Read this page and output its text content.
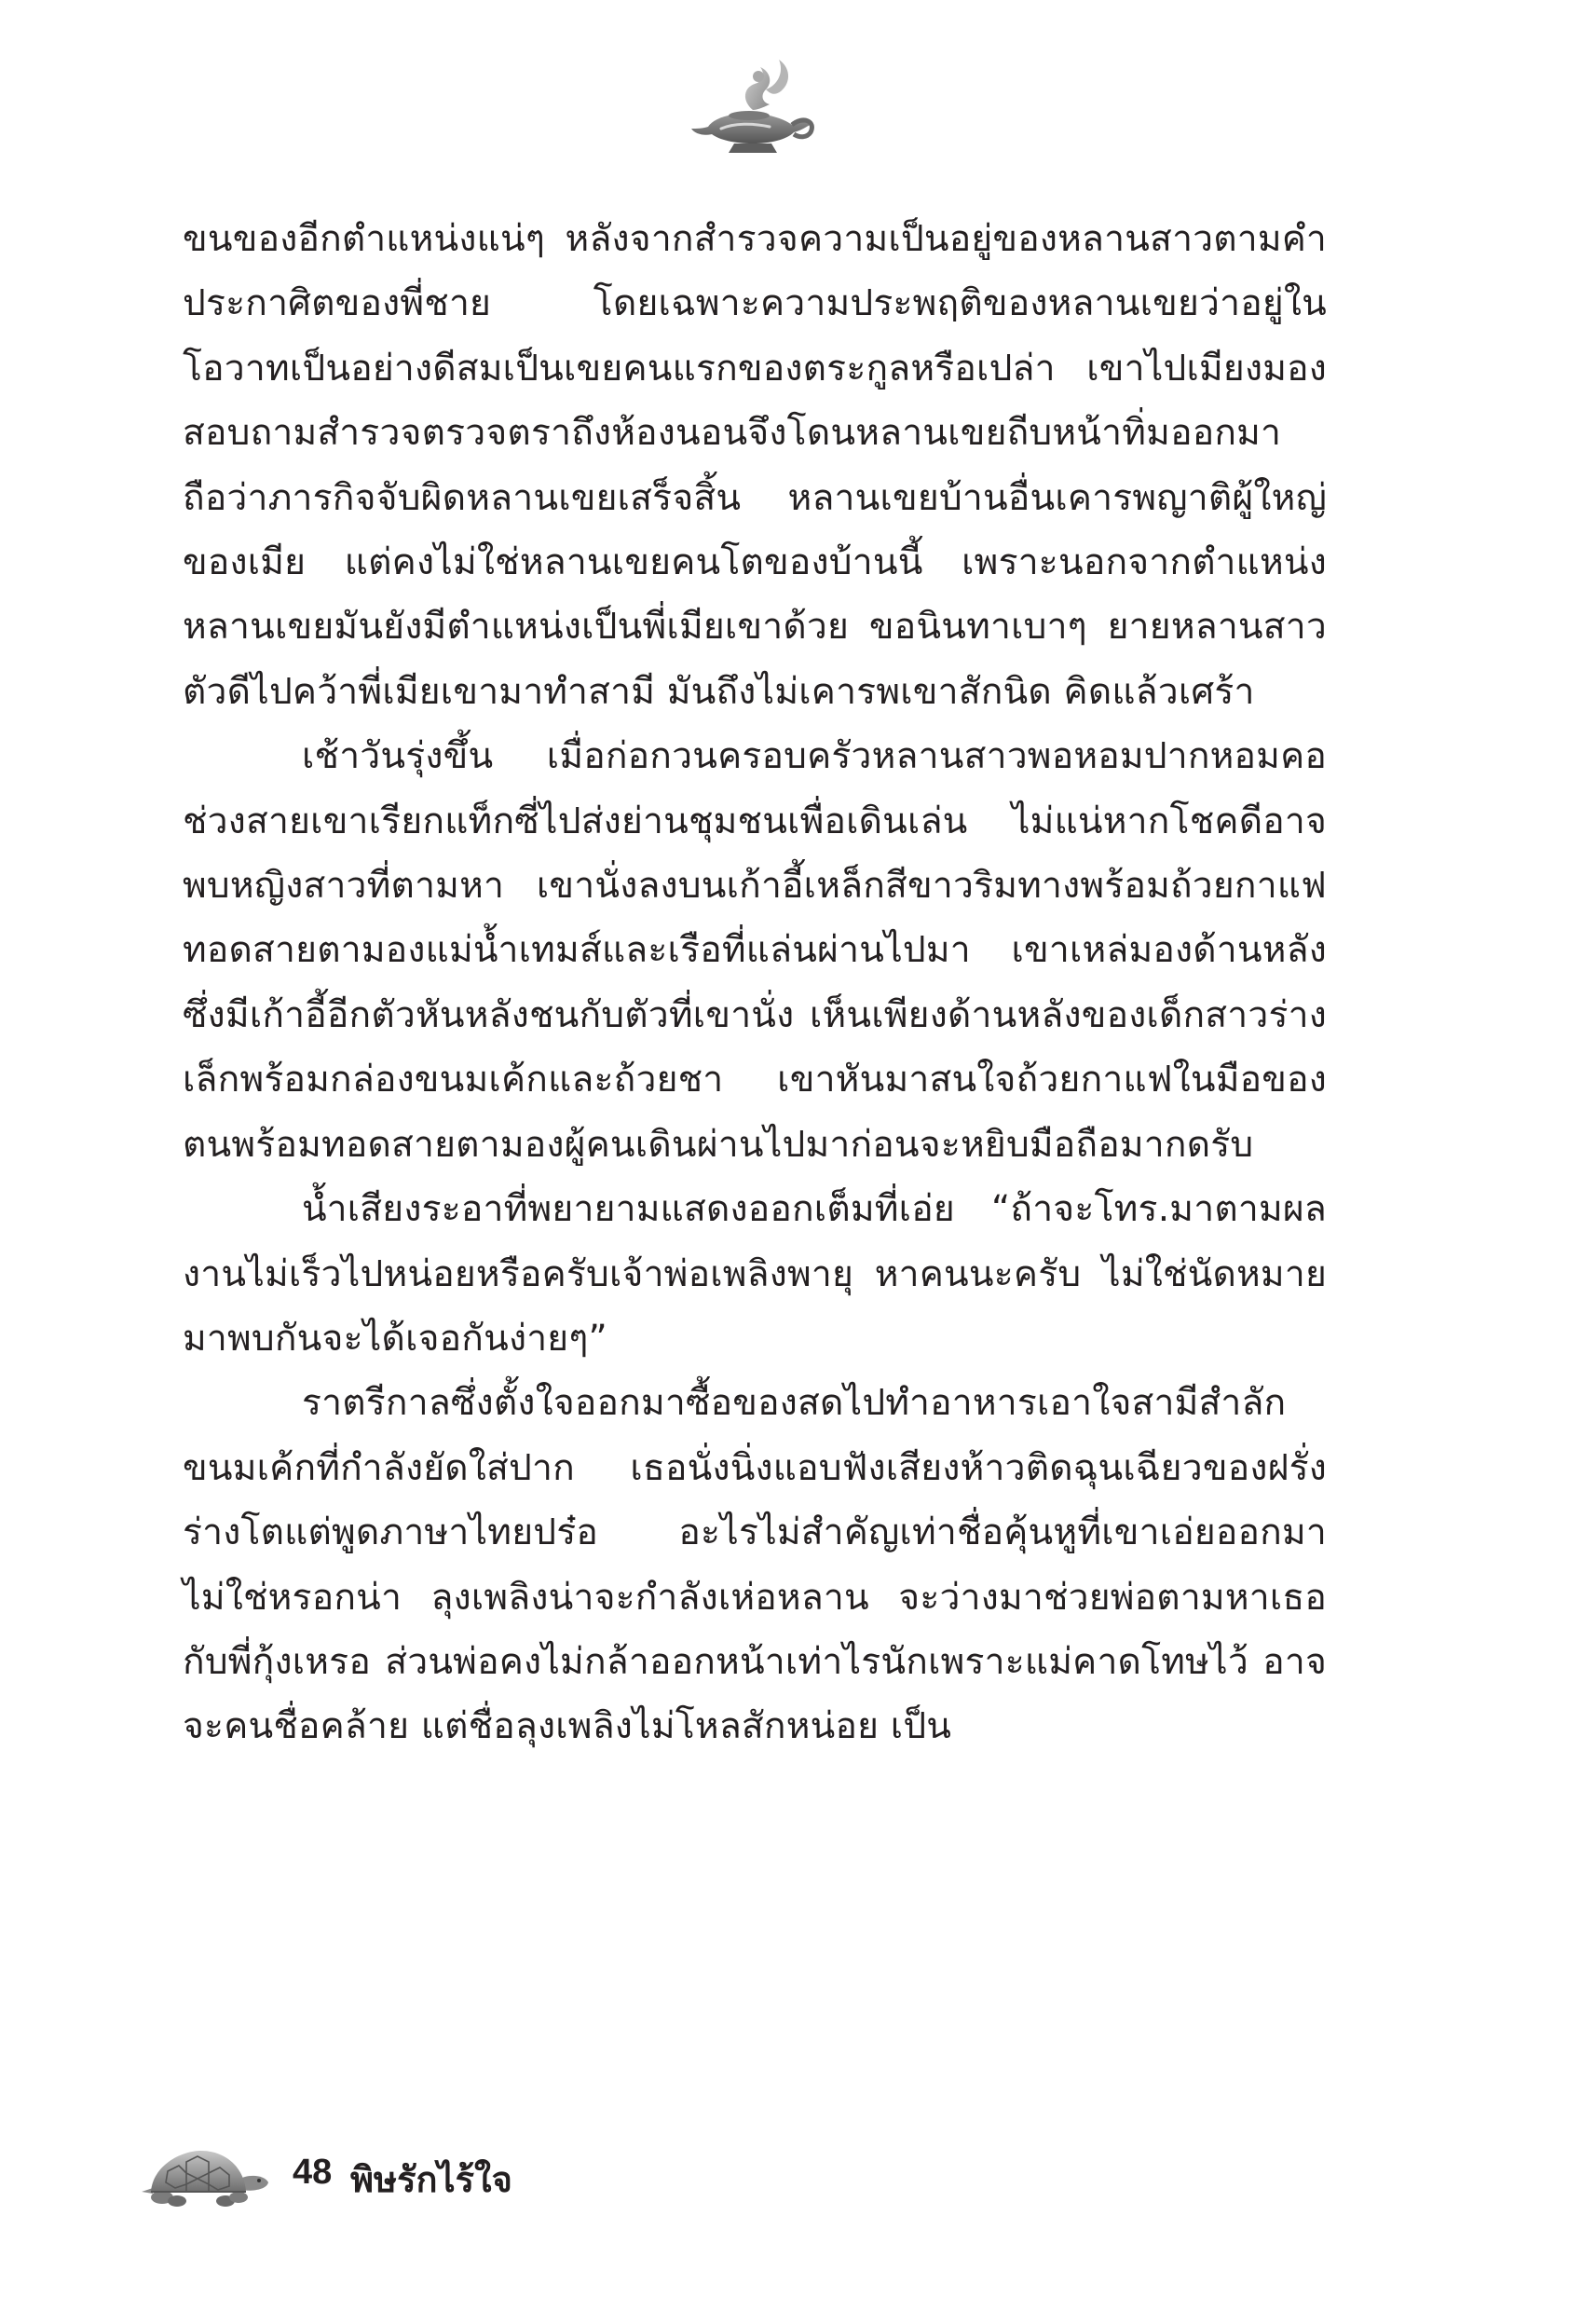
ขนของอีกตำแหน่งแน่ๆ หลังจากสำรวจความเป็นอยู่ของหลานสาวตามคำประกาศิตของพี่ชาย โดยเฉพาะความประพฤติของหลานเขยว่าอยู่ในโอวาทเป็นอย่างดีสมเป็นเขยคนแรกของตระกูลหรือเปล่า เขาไปเมียงมองสอบถามสำรวจตรวจตราถึงห้องนอนจึงโดนหลานเขยถีบหน้าทิ่มออกมา ถือว่าภารกิจจับผิดหลานเขยเสร็จสิ้น หลานเขยบ้านอื่นเคารพญาติผู้ใหญ่ของเมีย แต่คงไม่ใช่หลานเขยคนโตของบ้านนี้ เพราะนอกจากตำแหน่งหลานเขยมันยังมีตำแหน่งเป็นพี่เมียเขาด้วย ขอนินทาเบาๆ ยายหลานสาวตัวดีไปคว้าพี่เมียเขามาทำสามี มันถึงไม่เคารพเขาสักนิด คิดแล้วเศร้า

เช้าวันรุ่งขึ้น เมื่อก่อกวนครอบครัวหลานสาวพอหอมปากหอมคอช่วงสายเขาเรียกแท็กซี่ไปส่งย่านชุมชนเพื่อเดินเล่น ไม่แน่หากโชคดีอาจพบหญิงสาวที่ตามหา เขานั่งลงบนเก้าอี้เหล็กสีขาวริมทางพร้อมถ้วยกาแฟ ทอดสายตามองแม่น้ำเทมส์และเรือที่แล่นผ่านไปมา เขาเหล่มองด้านหลังซึ่งมีเก้าอี้อีกตัวหันหลังชนกับตัวที่เขานั่ง เห็นเพียงด้านหลังของเด็กสาวร่างเล็กพร้อมกล่องขนมเค้กและถ้วยชา เขาหันมาสนใจถ้วยกาแฟในมือของตนพร้อมทอดสายตามองผู้คนเดินผ่านไปมาก่อนจะหยิบมือถือมากดรับ

น้ำเสียงระอาที่พยายามแสดงออกเต็มที่เอ่ย “ถ้าจะโทร.มาตามผลงานไม่เร็วไปหน่อยหรือครับเจ้าพ่อเพลิงพายุ หาคนนะครับ ไม่ใช่นัดหมายมาพบกันจะได้เจอกันง่ายๆ”

ราตรีกาลซึ่งตั้งใจออกมาซื้อของสดไปทำอาหารเอาใจสามีสำลักขนมเค้กที่กำลังยัดใส่ปาก เธอนั่งนิ่งแอบฟังเสียงห้าวติดฉุนเฉียวของฝรั่งร่างโตแต่พูดภาษาไทยปร๋อ อะไรไม่สำคัญเท่าชื่อคุ้นหูที่เขาเอ่ยออกมา ไม่ใช่หรอกน่า ลุงเพลิงน่าจะกำลังเห่อหลาน จะว่างมาช่วยพ่อตามหาเธอกับพี่กุ้งเหรอ ส่วนพ่อคงไม่กล้าออกหน้าเท่าไรนักเพราะแม่คาดโทษไว้ อาจจะคนชื่อคล้าย แต่ชื่อลุงเพลิงไม่โหลสักหน่อย เป็น

48 พิษรักไร้ใจ
